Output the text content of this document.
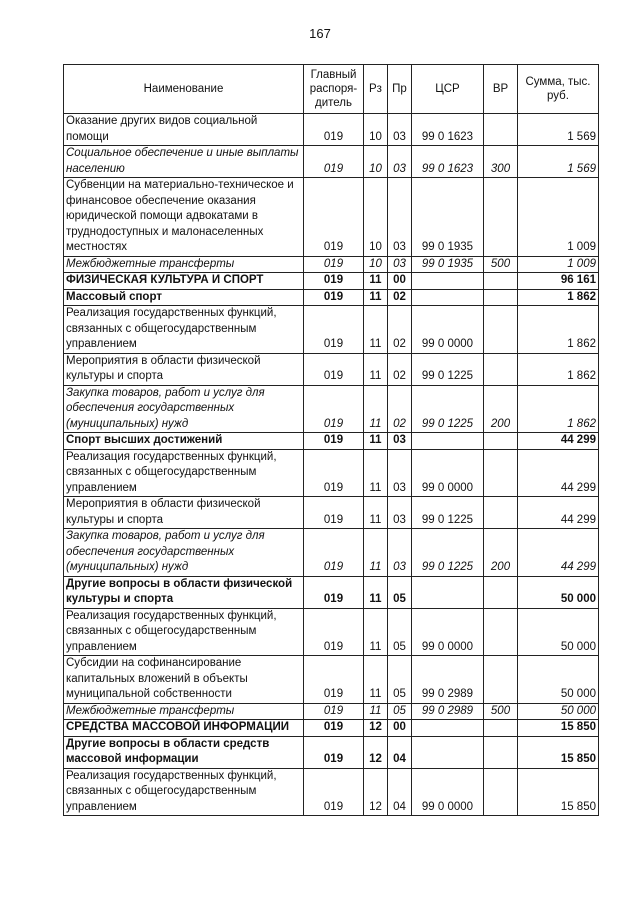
167
Наименование	Главный распоря-дитель	Рз	Пр	ЦСР	ВР	Сумма, тыс. руб.
Оказание других видов социальной помощи	019	10	03	99 0 1623		1 569
Социальное обеспечение и иные выплаты населению	019	10	03	99 0 1623	300	1 569
Субвенции на материально-техническое и финансовое обеспечение оказания юридической помощи адвокатами в труднодоступных и малонаселенных местностях	019	10	03	99 0 1935		1 009
Межбюджетные трансферты	019	10	03	99 0 1935	500	1 009
ФИЗИЧЕСКАЯ КУЛЬТУРА И СПОРТ	019	11	00			96 161
Массовый спорт	019	11	02			1 862
Реализация государственных функций, связанных с общегосударственным управлением	019	11	02	99 0 0000		1 862
Мероприятия в области физической культуры и спорта	019	11	02	99 0 1225		1 862
Закупка товаров, работ и услуг для обеспечения государственных (муниципальных) нужд	019	11	02	99 0 1225	200	1 862
Спорт высших достижений	019	11	03			44 299
Реализация государственных функций, связанных с общегосударственным управлением	019	11	03	99 0 0000		44 299
Мероприятия в области физической культуры и спорта	019	11	03	99 0 1225		44 299
Закупка товаров, работ и услуг для обеспечения государственных (муниципальных) нужд	019	11	03	99 0 1225	200	44 299
Другие вопросы в области физической культуры и спорта	019	11	05			50 000
Реализация государственных функций, связанных с общегосударственным управлением	019	11	05	99 0 0000		50 000
Субсидии на софинансирование капитальных вложений в объекты муниципальной собственности	019	11	05	99 0 2989		50 000
Межбюджетные трансферты	019	11	05	99 0 2989	500	50 000
СРЕДСТВА МАССОВОЙ ИНФОРМАЦИИ	019	12	00			15 850
Другие вопросы в области средств массовой информации	019	12	04			15 850
Реализация государственных функций, связанных с общегосударственным управлением	019	12	04	99 0 0000		15 850
